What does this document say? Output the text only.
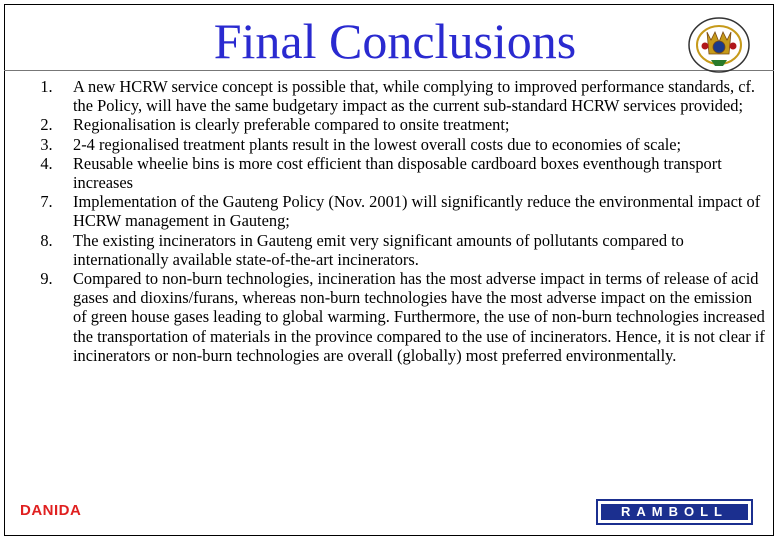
Final Conclusions
1.	A new HCRW service concept is possible that, while complying to improved performance standards, cf. the Policy, will have the same budgetary impact as the current sub-standard HCRW services provided;
2.	Regionalisation is clearly preferable compared to onsite treatment;
3.	2-4 regionalised treatment plants result in the lowest overall costs due to economies of scale;
4.	Reusable wheelie bins is more cost efficient than disposable cardboard boxes eventhough transport increases
7.	Implementation of the Gauteng Policy (Nov. 2001) will significantly reduce the environmental impact of HCRW management in Gauteng;
8.	The existing incinerators in Gauteng emit very significant amounts of pollutants compared to internationally available state-of-the-art incinerators.
9.	Compared to non-burn technologies, incineration has the most adverse impact in terms of release of acid gases and dioxins/furans, whereas non-burn technologies have the most adverse impact on the emission of green house gases leading to global warming. Furthermore, the use of non-burn technologies increased the transportation of materials in the province compared to the use of incinerators. Hence, it is not clear if incinerators or non-burn technologies are overall (globally) most preferred environmentally.
DANIDA	RAMBOLL
